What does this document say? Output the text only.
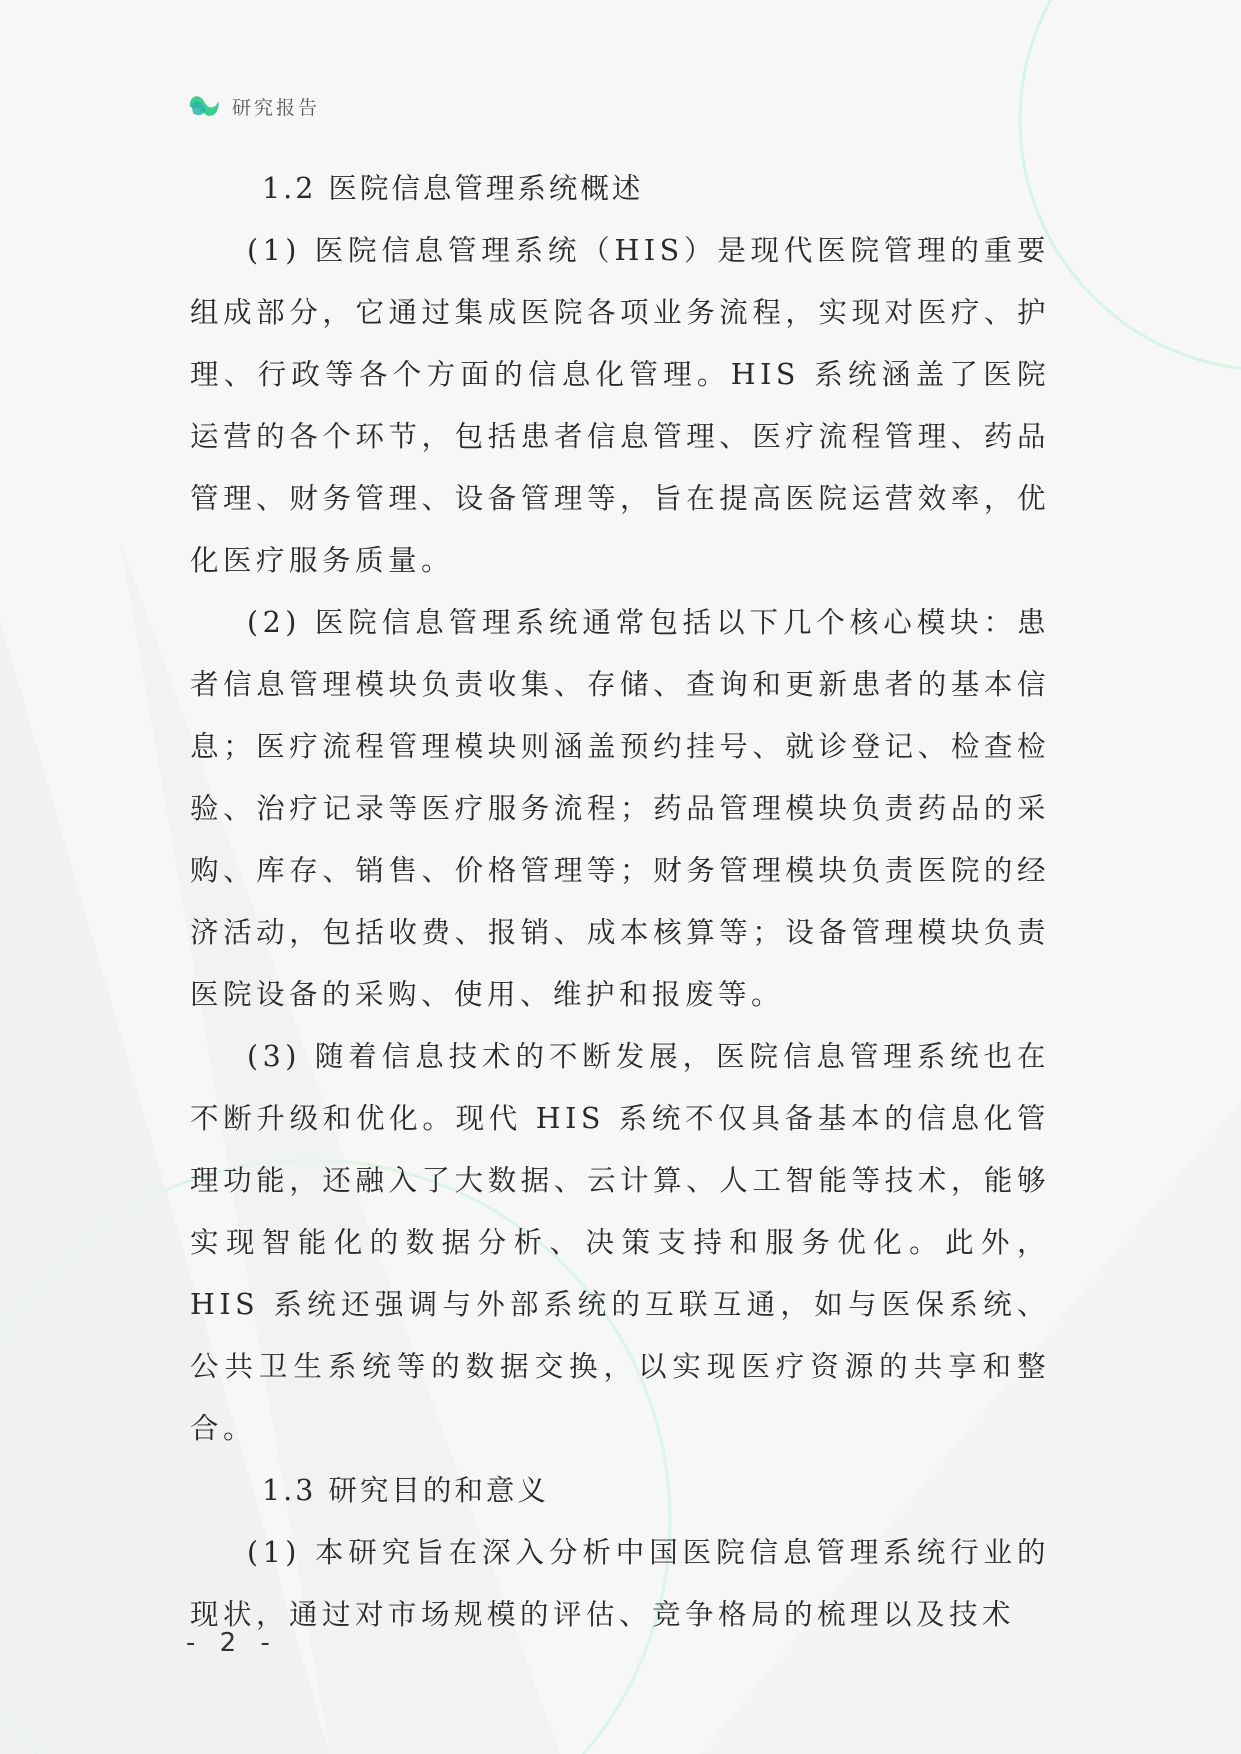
研究报告

1.2 医院信息管理系统概述

(1) 医院信息管理系统（HIS）是现代医院管理的重要组成部分，它通过集成医院各项业务流程，实现对医疗、护理、行政等各个方面的信息化管理。HIS 系统涵盖了医院运营的各个环节，包括患者信息管理、医疗流程管理、药品管理、财务管理、设备管理等，旨在提高医院运营效率，优化医疗服务质量。

(2) 医院信息管理系统通常包括以下几个核心模块：患者信息管理模块负责收集、存储、查询和更新患者的基本信息；医疗流程管理模块则涵盖预约挂号、就诊登记、检查检验、治疗记录等医疗服务流程；药品管理模块负责药品的采购、库存、销售、价格管理等；财务管理模块负责医院的经济活动，包括收费、报销、成本核算等；设备管理模块负责医院设备的采购、使用、维护和报废等。

(3) 随着信息技术的不断发展，医院信息管理系统也在不断升级和优化。现代 HIS 系统不仅具备基本的信息化管理功能，还融入了大数据、云计算、人工智能等技术，能够实现智能化的数据分析、决策支持和服务优化。此外，HIS 系统还强调与外部系统的互联互通，如与医保系统、公共卫生系统等的数据交换，以实现医疗资源的共享和整合。

1.3 研究目的和意义

(1) 本研究旨在深入分析中国医院信息管理系统行业的现状，通过对市场规模的评估、竞争格局的梳理以及技术

- 2 -
